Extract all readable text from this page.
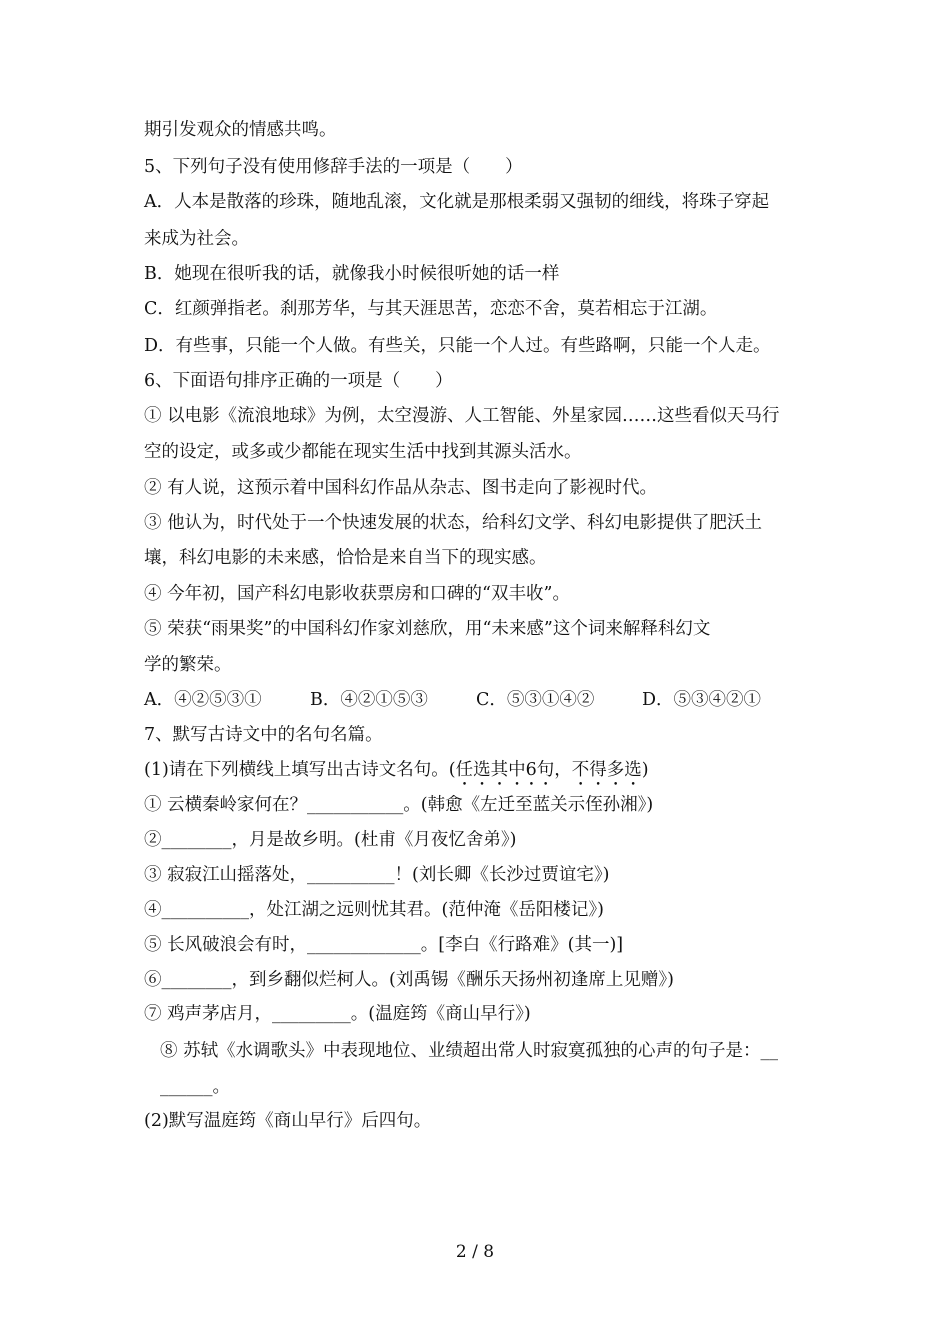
期引发观众的情感共鸣。
5、下列句子没有使用修辞手法的一项是（　　）
A．人本是散落的珍珠，随地乱滚，文化就是那根柔弱又强韧的细线，将珠子穿起
来成为社会。
B．她现在很听我的话，就像我小时候很听她的话一样
C．红颜弹指老。刹那芳华，与其天涯思苦，恋恋不舍，莫若相忘于江湖。
D．有些事，只能一个人做。有些关，只能一个人过。有些路啊，只能一个人走。
6、下面语句排序正确的一项是（　　）
① 以电影《流浪地球》为例，太空漫游、人工智能、外星家园……这些看似天马行
空的设定，或多或少都能在现实生活中找到其源头活水。
② 有人说，这预示着中国科幻作品从杂志、图书走向了影视时代。
③ 他认为，时代处于一个快速发展的状态，给科幻文学、科幻电影提供了肥沃土
壤，科幻电影的未来感，恰恰是来自当下的现实感。
④ 今年初，国产科幻电影收获票房和口碑的“双丰收”。
⑤ 荣获“雨果奖”的中国科幻作家刘慈欣，用“未来感”这个词来解释科幻文
学的繁荣。
A．④②⑤③①	B．④②①⑤③	C．⑤③①④②	D．⑤③④②①
7、默写古诗文中的名句名篇。
(1)请在下列横线上填写出古诗文名句。(任选其中6句，不得多选)
① 云横秦岭家何在？___________。(韩愈《左迁至蓝关示侄孙湘》)
②________，月是故乡明。(杜甫《月夜忆舍弟》)
③ 寂寂江山摇落处，__________！(刘长卿《长沙过贾谊宅》)
④__________，处江湖之远则忧其君。(范仲淹《岳阳楼记》)
⑤ 长风破浪会有时，_____________。[李白《行路难》(其一)]
⑥________，到乡翻似烂柯人。(刘禹锡《酬乐天扬州初逢席上见赠》)
⑦ 鸡声茅店月，_________。(温庭筠《商山早行》)
⑧ 苏轼《水调歌头》中表现地位、业绩超出常人时寂寞孤独的心声的句子是：__
______。
(2)默写温庭筠《商山早行》后四句。
2 / 8
